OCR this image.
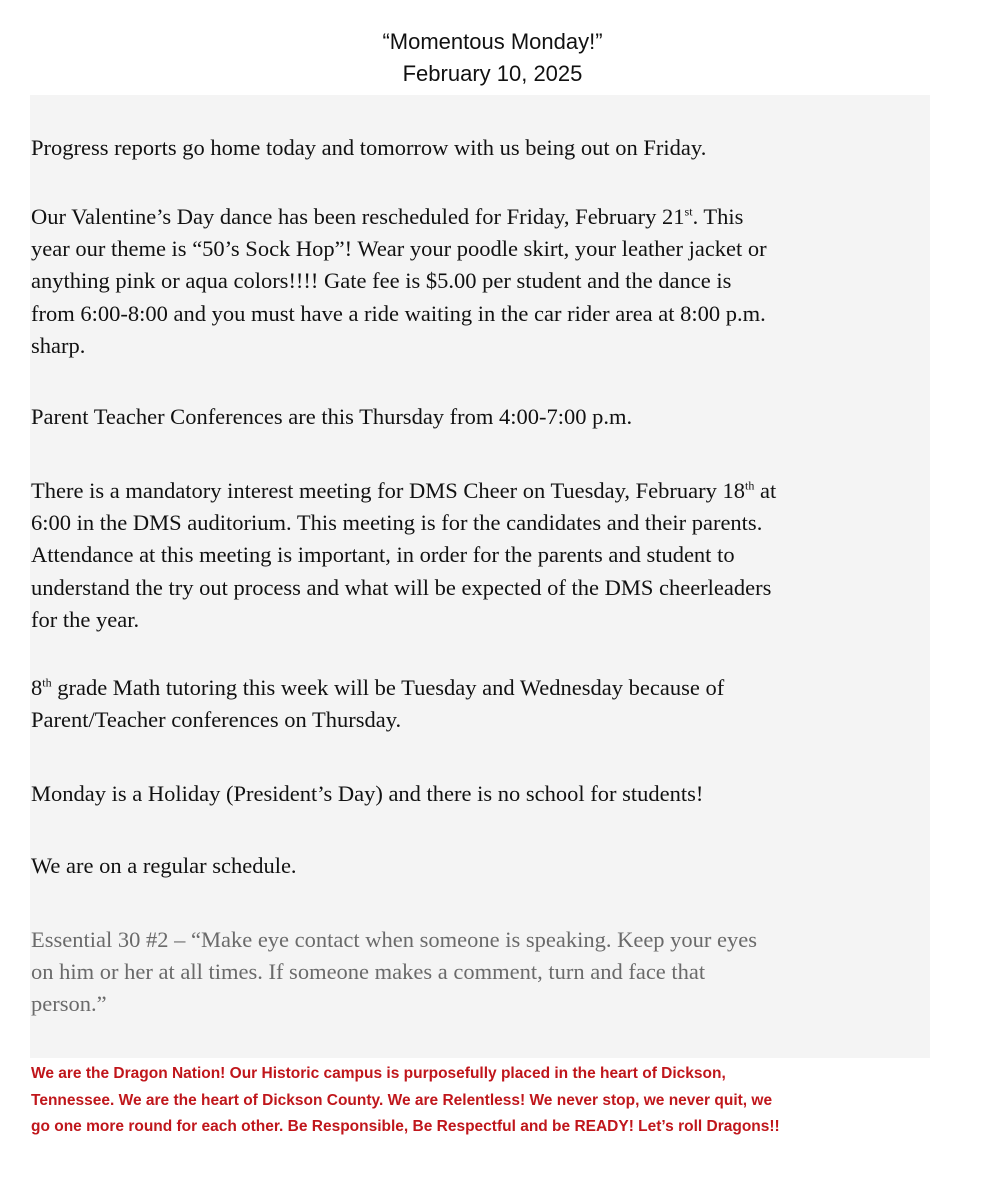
“Momentous Monday!”
February 10, 2025

Progress reports go home today and tomorrow with us being out on Friday.

Our Valentine’s Day dance has been rescheduled for Friday, February 21st. This
year our theme is “50’s Sock Hop”! Wear your poodle skirt, your leather jacket or
anything pink or aqua colors!!!! Gate fee is $5.00 per student and the dance is
from 6:00-8:00 and you must have a ride waiting in the car rider area at 8:00 p.m.
sharp.

Parent Teacher Conferences are this Thursday from 4:00-7:00 p.m.

There is a mandatory interest meeting for DMS Cheer on Tuesday, February 18th at
6:00 in the DMS auditorium. This meeting is for the candidates and their parents.
Attendance at this meeting is important, in order for the parents and student to
understand the try out process and what will be expected of the DMS cheerleaders
for the year.

8th grade Math tutoring this week will be Tuesday and Wednesday because of
Parent/Teacher conferences on Thursday.

Monday is a Holiday (President’s Day) and there is no school for students!

We are on a regular schedule.

Essential 30 #2 – “Make eye contact when someone is speaking. Keep your eyes
on him or her at all times. If someone makes a comment, turn and face that
person.”

We are the Dragon Nation! Our Historic campus is purposefully placed in the heart of Dickson,
Tennessee. We are the heart of Dickson County. We are Relentless! We never stop, we never quit, we
go one more round for each other. Be Responsible, Be Respectful and be READY! Let’s roll Dragons!!
